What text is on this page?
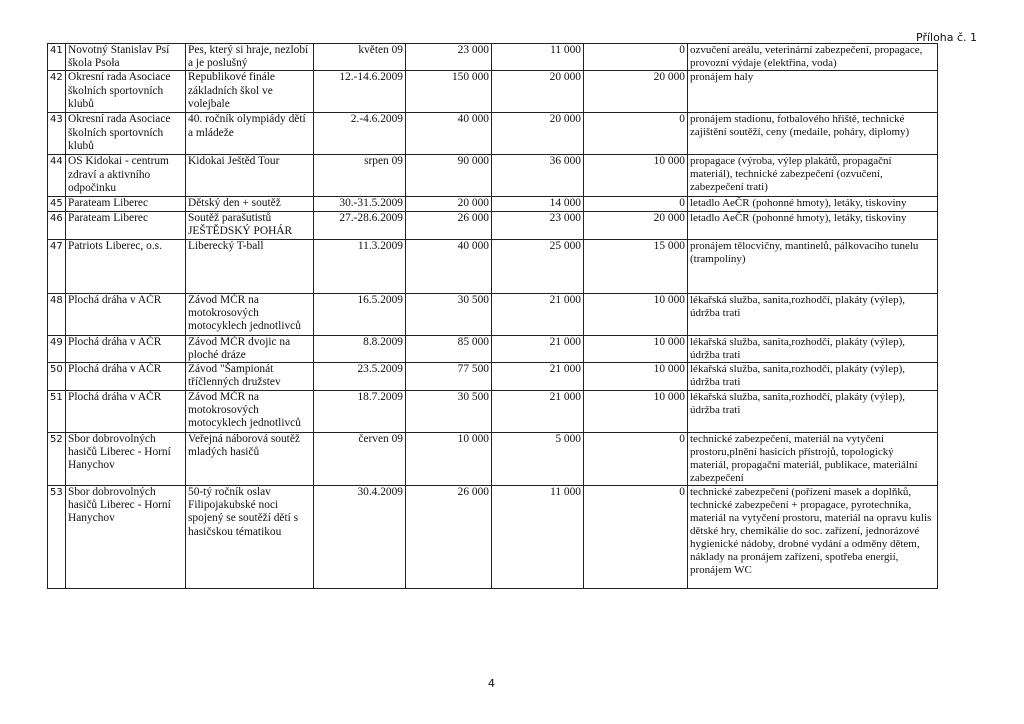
Příloha č. 1
41	Novotný Stanislav Psí škola Psoła	Pes, který si hraje, nezlobí a je poslušný	květen 09	23 000	11 000	0	ozvučení areálu, veterinární zabezpečení, propagace, provozní výdaje (elektřina, voda)
42	Okresní rada Asociace školních sportovních klubů	Republikové finále základních škol ve volejbale	12.-14.6.2009	150 000	20 000	20 000	pronájem haly
43	Okresní rada Asociace školních sportovních klubů	40. ročník olympiády dětí a mládeže	2.-4.6.2009	40 000	20 000	0	pronájem stadionu, fotbalového hřiště, technické zajištění soutěží, ceny (medaile, poháry, diplomy)
44	OS Kidokai - centrum zdraví a aktivního odpočinku	Kidokai Ještěd Tour	srpen 09	90 000	36 000	10 000	propagace (výroba, výlep plakátů, propagační materiál), technické zabezpečení (ozvučení, zabezpečení trati)
45	Parateam Liberec	Dětský den + soutěž	30.-31.5.2009	20 000	14 000	0	letadlo AeČR (pohonné hmoty), letáky, tiskoviny
46	Parateam Liberec	Soutěž parašutistů JEŠTĚDSKÝ POHÁR	27.-28.6.2009	26 000	23 000	20 000	letadlo AeČR (pohonné hmoty), letáky, tiskoviny
47	Patriots Liberec, o.s.	Liberecký T-ball	11.3.2009	40 000	25 000	15 000	pronájem tělocvičny, mantinelů, pálkovacího tunelu (trampolíny)
48	Plochá dráha v AČR	Závod MČR na motokrosových motocyklech jednotlivců	16.5.2009	30 500	21 000	10 000	lékařská služba, sanita,rozhodčí, plakáty (výlep), údržba trati
49	Plochá dráha v AČR	Závod MČR dvojic na ploché dráze	8.8.2009	85 000	21 000	10 000	lékařská služba, sanita,rozhodčí, plakáty (výlep), údržba trati
50	Plochá dráha v AČR	Závod "Šampionát tříčlenných družstev	23.5.2009	77 500	21 000	10 000	lékařská služba, sanita,rozhodčí, plakáty (výlep), údržba trati
51	Plochá dráha v AČR	Závod MČR na motokrosových motocyklech jednotlivců	18.7.2009	30 500	21 000	10 000	lékařská služba, sanita,rozhodčí, plakáty (výlep), údržba trati
52	Sbor dobrovolných hasičů Liberec - Horní Hanychov	Veřejná náborová soutěž mladých hasičů	červen 09	10 000	5 000	0	technické zabezpečení, materiál na vytyčení prostoru,plnění hasicích přístrojů, topologický materiál, propagační materiál, publikace, materiální zabezpečení
53	Sbor dobrovolných hasičů Liberec - Horní Hanychov	50-tý ročník oslav Filipojakubské noci spojený se soutěží dětí s hasičskou tématikou	30.4.2009	26 000	11 000	0	technické zabezpečení (pořízení masek a doplňků, technické zabezpečení + propagace, pyrotechnika, materiál na vytyčení prostoru, materiál na opravu kulis dětské hry, chemikálie do soc. zařízení, jednorázové hygienické nádoby, drobné vydání a odměny dětem, náklady na pronájem zařízení, spotřeba energií, pronájem WC
4
